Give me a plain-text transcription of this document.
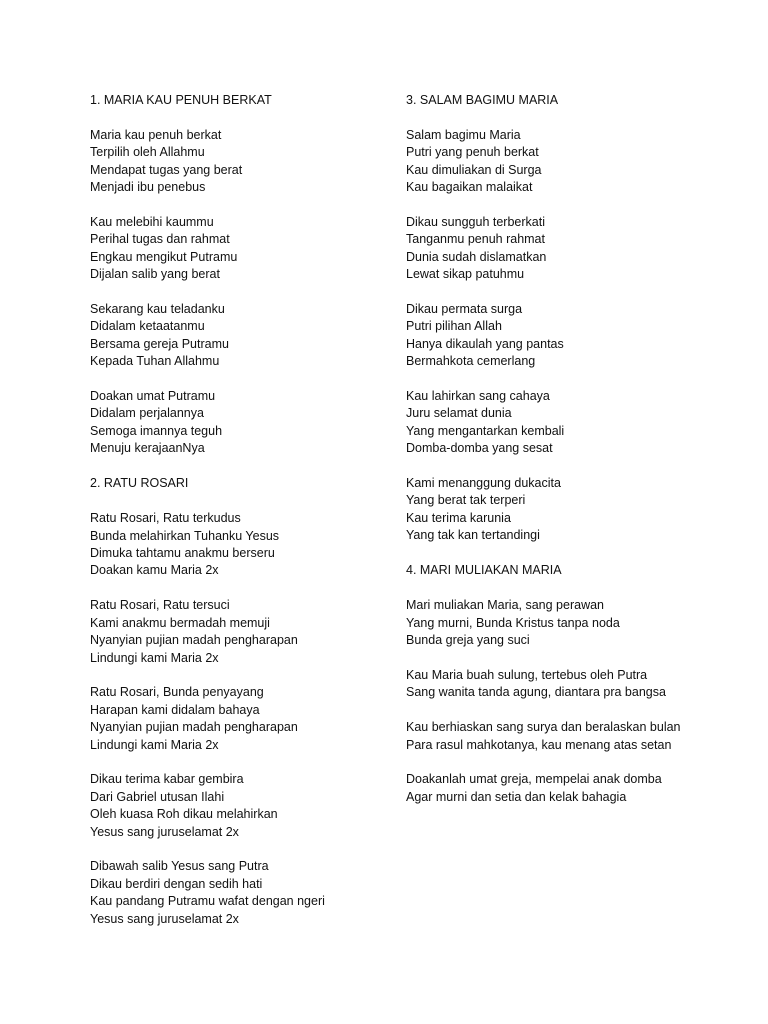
1. MARIA KAU PENUH BERKAT
Maria kau penuh berkat
Terpilih oleh Allahmu
Mendapat tugas yang berat
Menjadi ibu penebus
Kau melebihi kaummu
Perihal tugas dan rahmat
Engkau mengikut Putramu
Dijalan salib yang berat
Sekarang kau teladanku
Didalam ketaatanmu
Bersama gereja Putramu
Kepada Tuhan Allahmu
Doakan umat Putramu
Didalam perjalannya
Semoga imannya teguh
Menuju kerajaanNya
2. RATU ROSARI
Ratu Rosari, Ratu terkudus
Bunda melahirkan Tuhanku Yesus
Dimuka tahtamu anakmu berseru
Doakan kamu Maria 2x
Ratu Rosari, Ratu tersuci
Kami anakmu bermadah memuji
Nyanyian pujian madah pengharapan
Lindungi kami Maria 2x
Ratu Rosari, Bunda penyayang
Harapan kami didalam bahaya
Nyanyian pujian madah pengharapan
Lindungi kami Maria 2x
Dikau terima kabar gembira
Dari Gabriel utusan Ilahi
Oleh kuasa Roh dikau melahirkan
Yesus sang juruselamat 2x
Dibawah salib Yesus sang Putra
Dikau berdiri dengan sedih hati
Kau pandang Putramu wafat dengan ngeri
Yesus sang juruselamat 2x
3. SALAM BAGIMU MARIA
Salam bagimu Maria
Putri yang penuh berkat
Kau dimuliakan di Surga
Kau bagaikan malaikat
Dikau sungguh terberkati
Tanganmu penuh rahmat
Dunia sudah dislamatkan
Lewat sikap patuhmu
Dikau permata surga
Putri pilihan Allah
Hanya dikaulah yang pantas
Bermahkota cemerlang
Kau lahirkan sang cahaya
Juru selamat dunia
Yang mengantarkan kembali
Domba-domba yang sesat
Kami menanggung dukacita
Yang berat tak terperi
Kau terima karunia
Yang tak kan tertandingi
4. MARI MULIAKAN MARIA
Mari muliakan Maria, sang perawan
Yang murni, Bunda Kristus tanpa noda
Bunda greja yang suci
Kau Maria buah sulung, tertebus oleh Putra
Sang wanita tanda agung, diantara pra bangsa
Kau berhiaskan sang surya dan beralaskan bulan
Para rasul mahkotanya, kau menang atas setan
Doakanlah umat greja, mempelai anak domba
Agar murni dan setia dan kelak bahagia
